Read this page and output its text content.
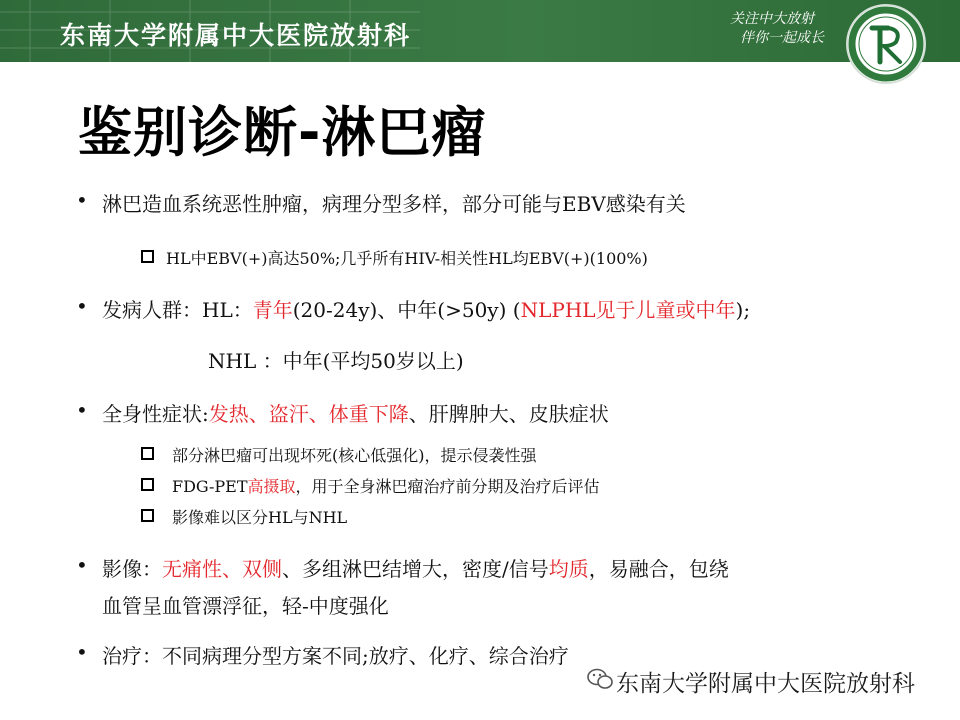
东南大学附属中大医院放射科
关注中大放射
伴你一起成长
鉴别诊断-淋巴瘤
• 淋巴造血系统恶性肿瘤，病理分型多样，部分可能与EBV感染有关
HL中EBV(+)高达50%;几乎所有HIV-相关性HL均EBV(+)(100%)
• 发病人群：HL：青年(20-24y)、中年(>50y) (NLPHL见于儿童或中年);
NHL ：中年(平均50岁以上)
• 全身性症状:发热、盗汗、体重下降、肝脾肿大、皮肤症状
部分淋巴瘤可出现坏死(核心低强化)，提示侵袭性强
FDG-PET高摄取，用于全身淋巴瘤治疗前分期及治疗后评估
影像难以区分HL与NHL
• 影像：无痛性、双侧、多组淋巴结增大，密度/信号均质，易融合，包绕
血管呈血管漂浮征，轻-中度强化
• 治疗：不同病理分型方案不同;放疗、化疗、综合治疗
东南大学附属中大医院放射科
